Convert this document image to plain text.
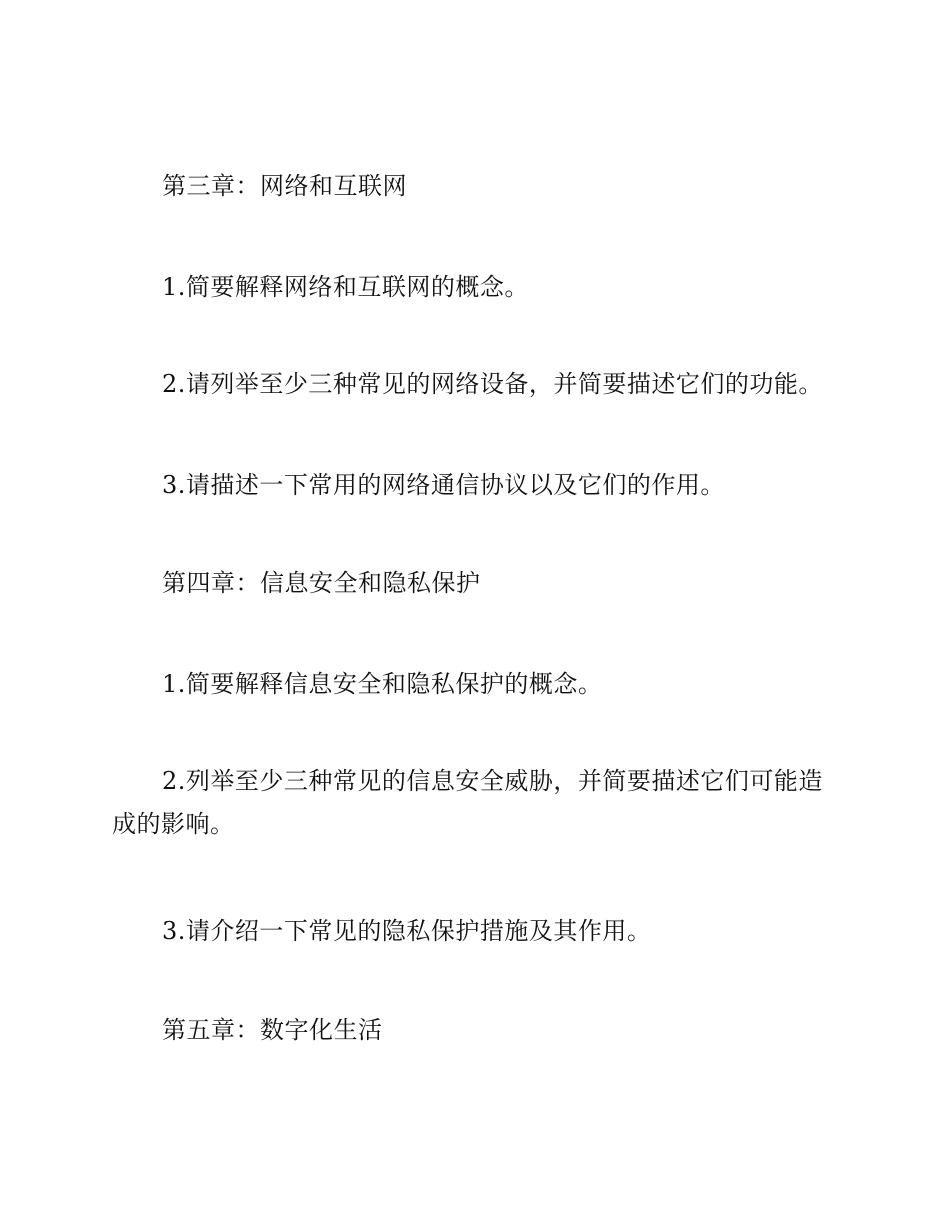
第三章：网络和互联网

1.简要解释网络和互联网的概念。

2.请列举至少三种常见的网络设备，并简要描述它们的功能。

3.请描述一下常用的网络通信协议以及它们的作用。

第四章：信息安全和隐私保护

1.简要解释信息安全和隐私保护的概念。

2.列举至少三种常见的信息安全威胁，并简要描述它们可能造成的影响。

3.请介绍一下常见的隐私保护措施及其作用。

第五章：数字化生活
